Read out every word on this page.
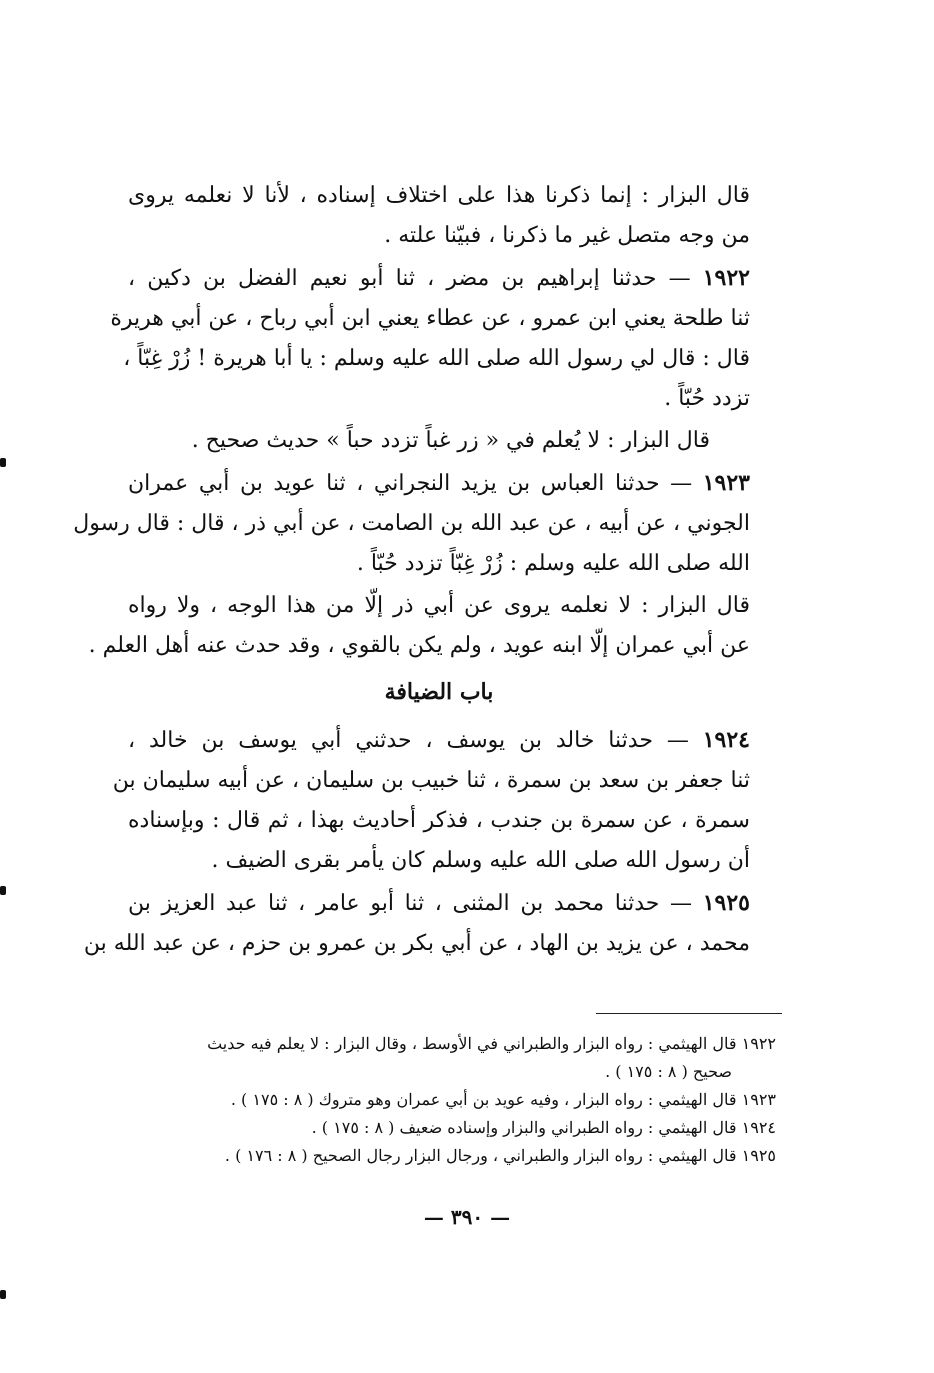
قال البزار : إنما ذكرنا هذا على اختلاف إسناده ، لأنا لا نعلمه يروى

من وجه متصل غير ما ذكرنا ، فبيّنا علته .

١٩٢٢ — حدثنا إبراهيم بن مضر ، ثنا أبو نعيم الفضل بن دكين ،

ثنا طلحة يعني ابن عمرو ، عن عطاء يعني ابن أبي رباح ، عن أبي هريرة

قال : قال لي رسول الله صلى الله عليه وسلم : يا أبا هريرة ! زُرْ غِبّاً ،

تزدد حُبّاً .

قال البزار : لا يُعلم في « زر غباً تزدد حباً » حديث صحيح .

١٩٢٣ — حدثنا العباس بن يزيد النجراني ، ثنا عويد بن أبي عمران

الجوني ، عن أبيه ، عن عبد الله بن الصامت ، عن أبي ذر ، قال : قال رسول

الله صلى الله عليه وسلم : زُرْ غِبّاً تزدد حُبّاً .

قال البزار : لا نعلمه يروى عن أبي ذر إلّا من هذا الوجه ، ولا رواه

عن أبي عمران إلّا ابنه عويد ، ولم يكن بالقوي ، وقد حدث عنه أهل العلم .

باب الضيافة

١٩٢٤ — حدثنا خالد بن يوسف ، حدثني أبي يوسف بن خالد ،

ثنا جعفر بن سعد بن سمرة ، ثنا خبيب بن سليمان ، عن أبيه سليمان بن

سمرة ، عن سمرة بن جندب ، فذكر أحاديث بهذا ، ثم قال : وبإسناده

أن رسول الله صلى الله عليه وسلم كان يأمر بقرى الضيف .

١٩٢٥ — حدثنا محمد بن المثنى ، ثنا أبو عامر ، ثنا عبد العزيز بن

محمد ، عن يزيد بن الهاد ، عن أبي بكر بن عمرو بن حزم ، عن عبد الله بن

١٩٢٢ قال الهيثمي : رواه البزار والطبراني في الأوسط ، وقال البزار : لا يعلم فيه حديث

صحيح ( ٨ : ١٧٥ ) .

١٩٢٣ قال الهيثمي : رواه البزار ، وفيه عويد بن أبي عمران وهو متروك ( ٨ : ١٧٥ ) .

١٩٢٤ قال الهيثمي : رواه الطبراني والبزار وإسناده ضعيف ( ٨ : ١٧٥ ) .

١٩٢٥ قال الهيثمي : رواه البزار والطبراني ، ورجال البزار رجال الصحيح ( ٨ : ١٧٦ ) .

— ٣٩٠ —
